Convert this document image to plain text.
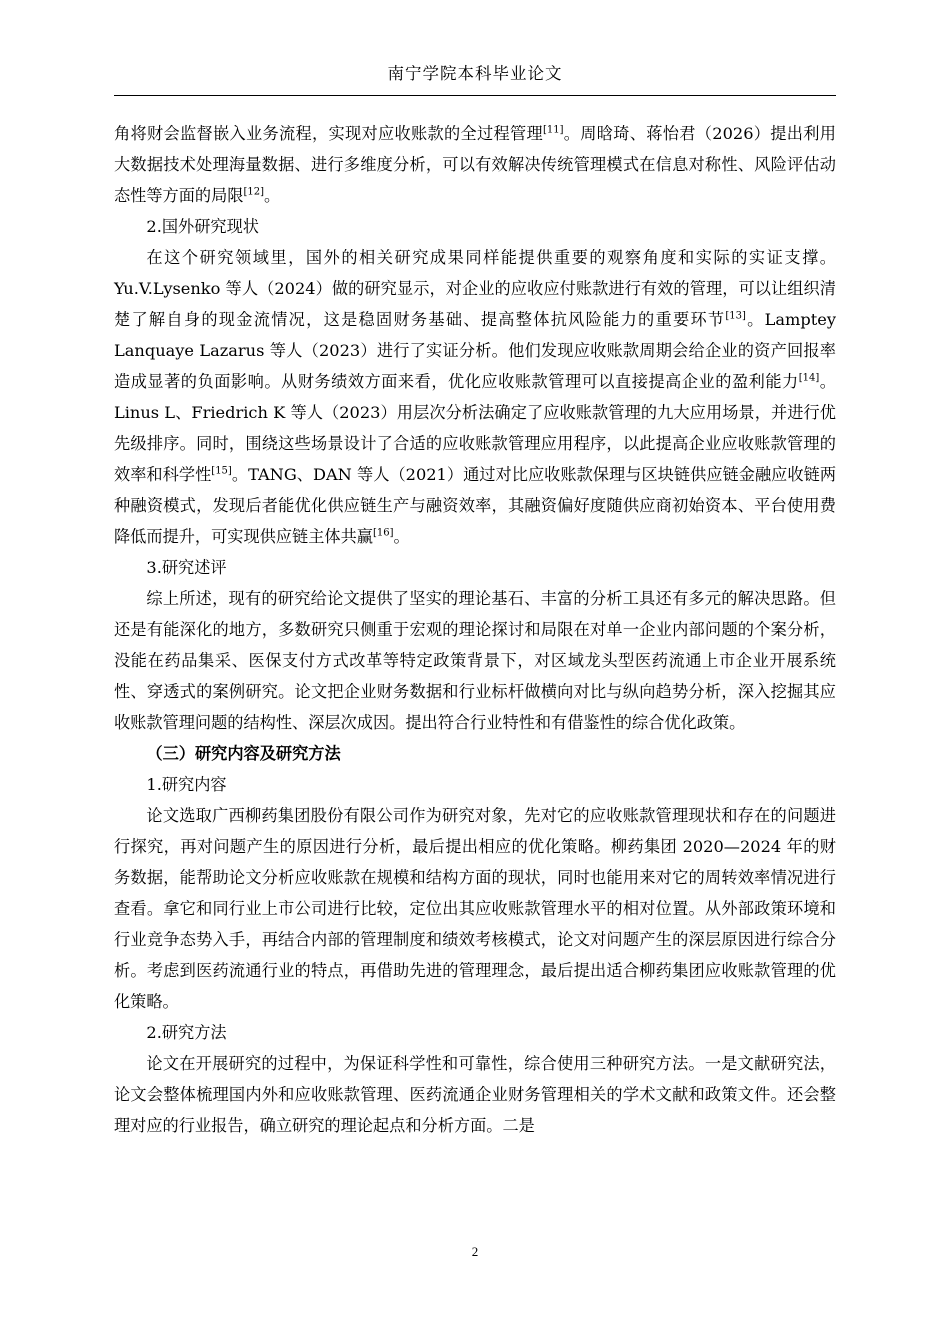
南宁学院本科毕业论文

角将财会监督嵌入业务流程，实现对应收账款的全过程管理[11]。周晗琦、蒋怡君（2026）提出利用大数据技术处理海量数据、进行多维度分析，可以有效解决传统管理模式在信息对称性、风险评估动态性等方面的局限[12]。

2.国外研究现状

在这个研究领域里，国外的相关研究成果同样能提供重要的观察角度和实际的实证支撑。Yu.V.Lysenko 等人（2024）做的研究显示，对企业的应收应付账款进行有效的管理，可以让组织清楚了解自身的现金流情况，这是稳固财务基础、提高整体抗风险能力的重要环节[13]。Lamptey Lanquaye Lazarus 等人（2023）进行了实证分析。他们发现应收账款周期会给企业的资产回报率造成显著的负面影响。从财务绩效方面来看，优化应收账款管理可以直接提高企业的盈利能力[14]。Linus L、Friedrich K 等人（2023）用层次分析法确定了应收账款管理的九大应用场景，并进行优先级排序。同时，围绕这些场景设计了合适的应收账款管理应用程序，以此提高企业应收账款管理的效率和科学性[15]。TANG、DAN 等人（2021）通过对比应收账款保理与区块链供应链金融应收链两种融资模式，发现后者能优化供应链生产与融资效率，其融资偏好度随供应商初始资本、平台使用费降低而提升，可实现供应链主体共赢[16]。

3.研究述评

综上所述，现有的研究给论文提供了坚实的理论基石、丰富的分析工具还有多元的解决思路。但还是有能深化的地方，多数研究只侧重于宏观的理论探讨和局限在对单一企业内部问题的个案分析，没能在药品集采、医保支付方式改革等特定政策背景下，对区域龙头型医药流通上市企业开展系统性、穿透式的案例研究。论文把企业财务数据和行业标杆做横向对比与纵向趋势分析，深入挖掘其应收账款管理问题的结构性、深层次成因。提出符合行业特性和有借鉴性的综合优化政策。

（三）研究内容及研究方法

1.研究内容

论文选取广西柳药集团股份有限公司作为研究对象，先对它的应收账款管理现状和存在的问题进行探究，再对问题产生的原因进行分析，最后提出相应的优化策略。柳药集团 2020—2024 年的财务数据，能帮助论文分析应收账款在规模和结构方面的现状，同时也能用来对它的周转效率情况进行查看。拿它和同行业上市公司进行比较，定位出其应收账款管理水平的相对位置。从外部政策环境和行业竞争态势入手，再结合内部的管理制度和绩效考核模式，论文对问题产生的深层原因进行综合分析。考虑到医药流通行业的特点，再借助先进的管理理念，最后提出适合柳药集团应收账款管理的优化策略。

2.研究方法

论文在开展研究的过程中，为保证科学性和可靠性，综合使用三种研究方法。一是文献研究法，论文会整体梳理国内外和应收账款管理、医药流通企业财务管理相关的学术文献和政策文件。还会整理对应的行业报告，确立研究的理论起点和分析方面。二是

2
